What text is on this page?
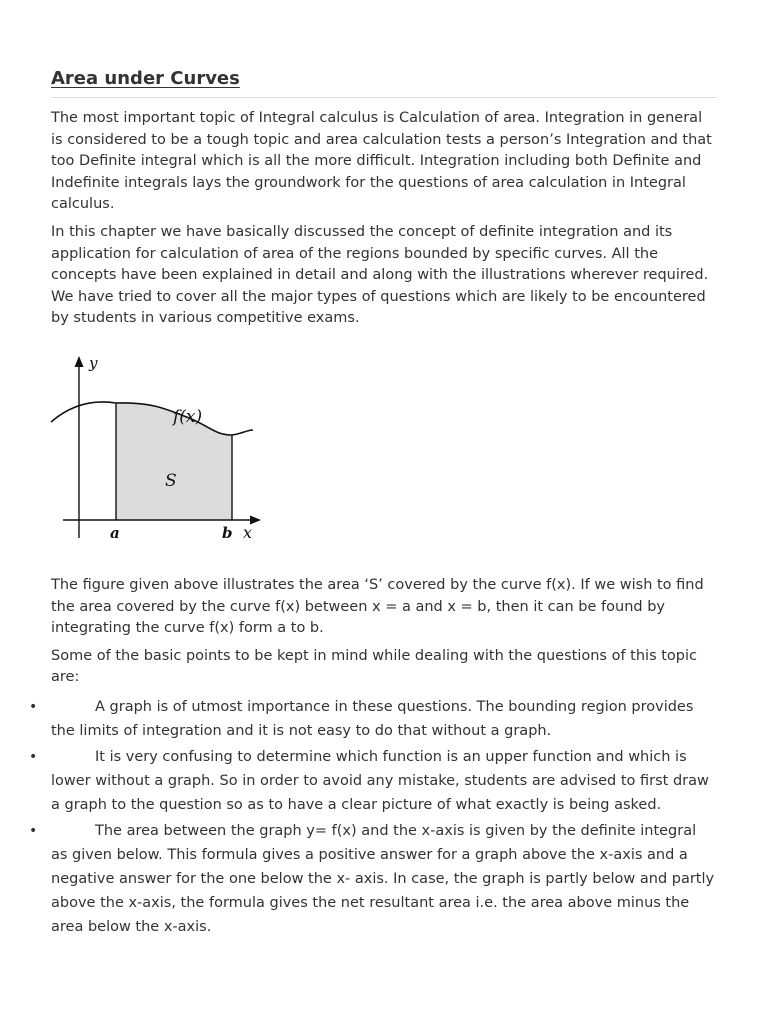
Area under Curves

The most important topic of Integral calculus is Calculation of area. Integration in general is considered to be a tough topic and area calculation tests a person’s Integration and that too Definite integral which is all the more difficult. Integration including both Definite and Indefinite integrals lays the groundwork for the questions of area calculation in Integral calculus.

In this chapter we have basically discussed the concept of definite integration and its application for calculation of area of the regions bounded by specific curves. All the concepts have been explained in detail and along with the illustrations wherever required. We have tried to cover all the major types of questions which are likely to be encountered by students in various competitive exams.

y
f(x)
S
a	b x

The figure given above illustrates the area ‘S’ covered by the curve f(x). If we wish to find the area covered by the curve f(x) between x = a and x = b, then it can be found by integrating the curve f(x) form a to b.

Some of the basic points to be kept in mind while dealing with the questions of this topic are:

•	A graph is of utmost importance in these questions. The bounding region provides the limits of integration and it is not easy to do that without a graph.
•	It is very confusing to determine which function is an upper function and which is lower without a graph. So in order to avoid any mistake, students are advised to first draw a graph to the question so as to have a clear picture of what exactly is being asked.
•	The area between the graph y= f(x) and the x-axis is given by the definite integral as given below. This formula gives a positive answer for a graph above the x-axis and a negative answer for the one below the x- axis. In case, the graph is partly below and partly above the x-axis, the formula gives the net resultant area i.e. the area above minus the area below the x-axis.
